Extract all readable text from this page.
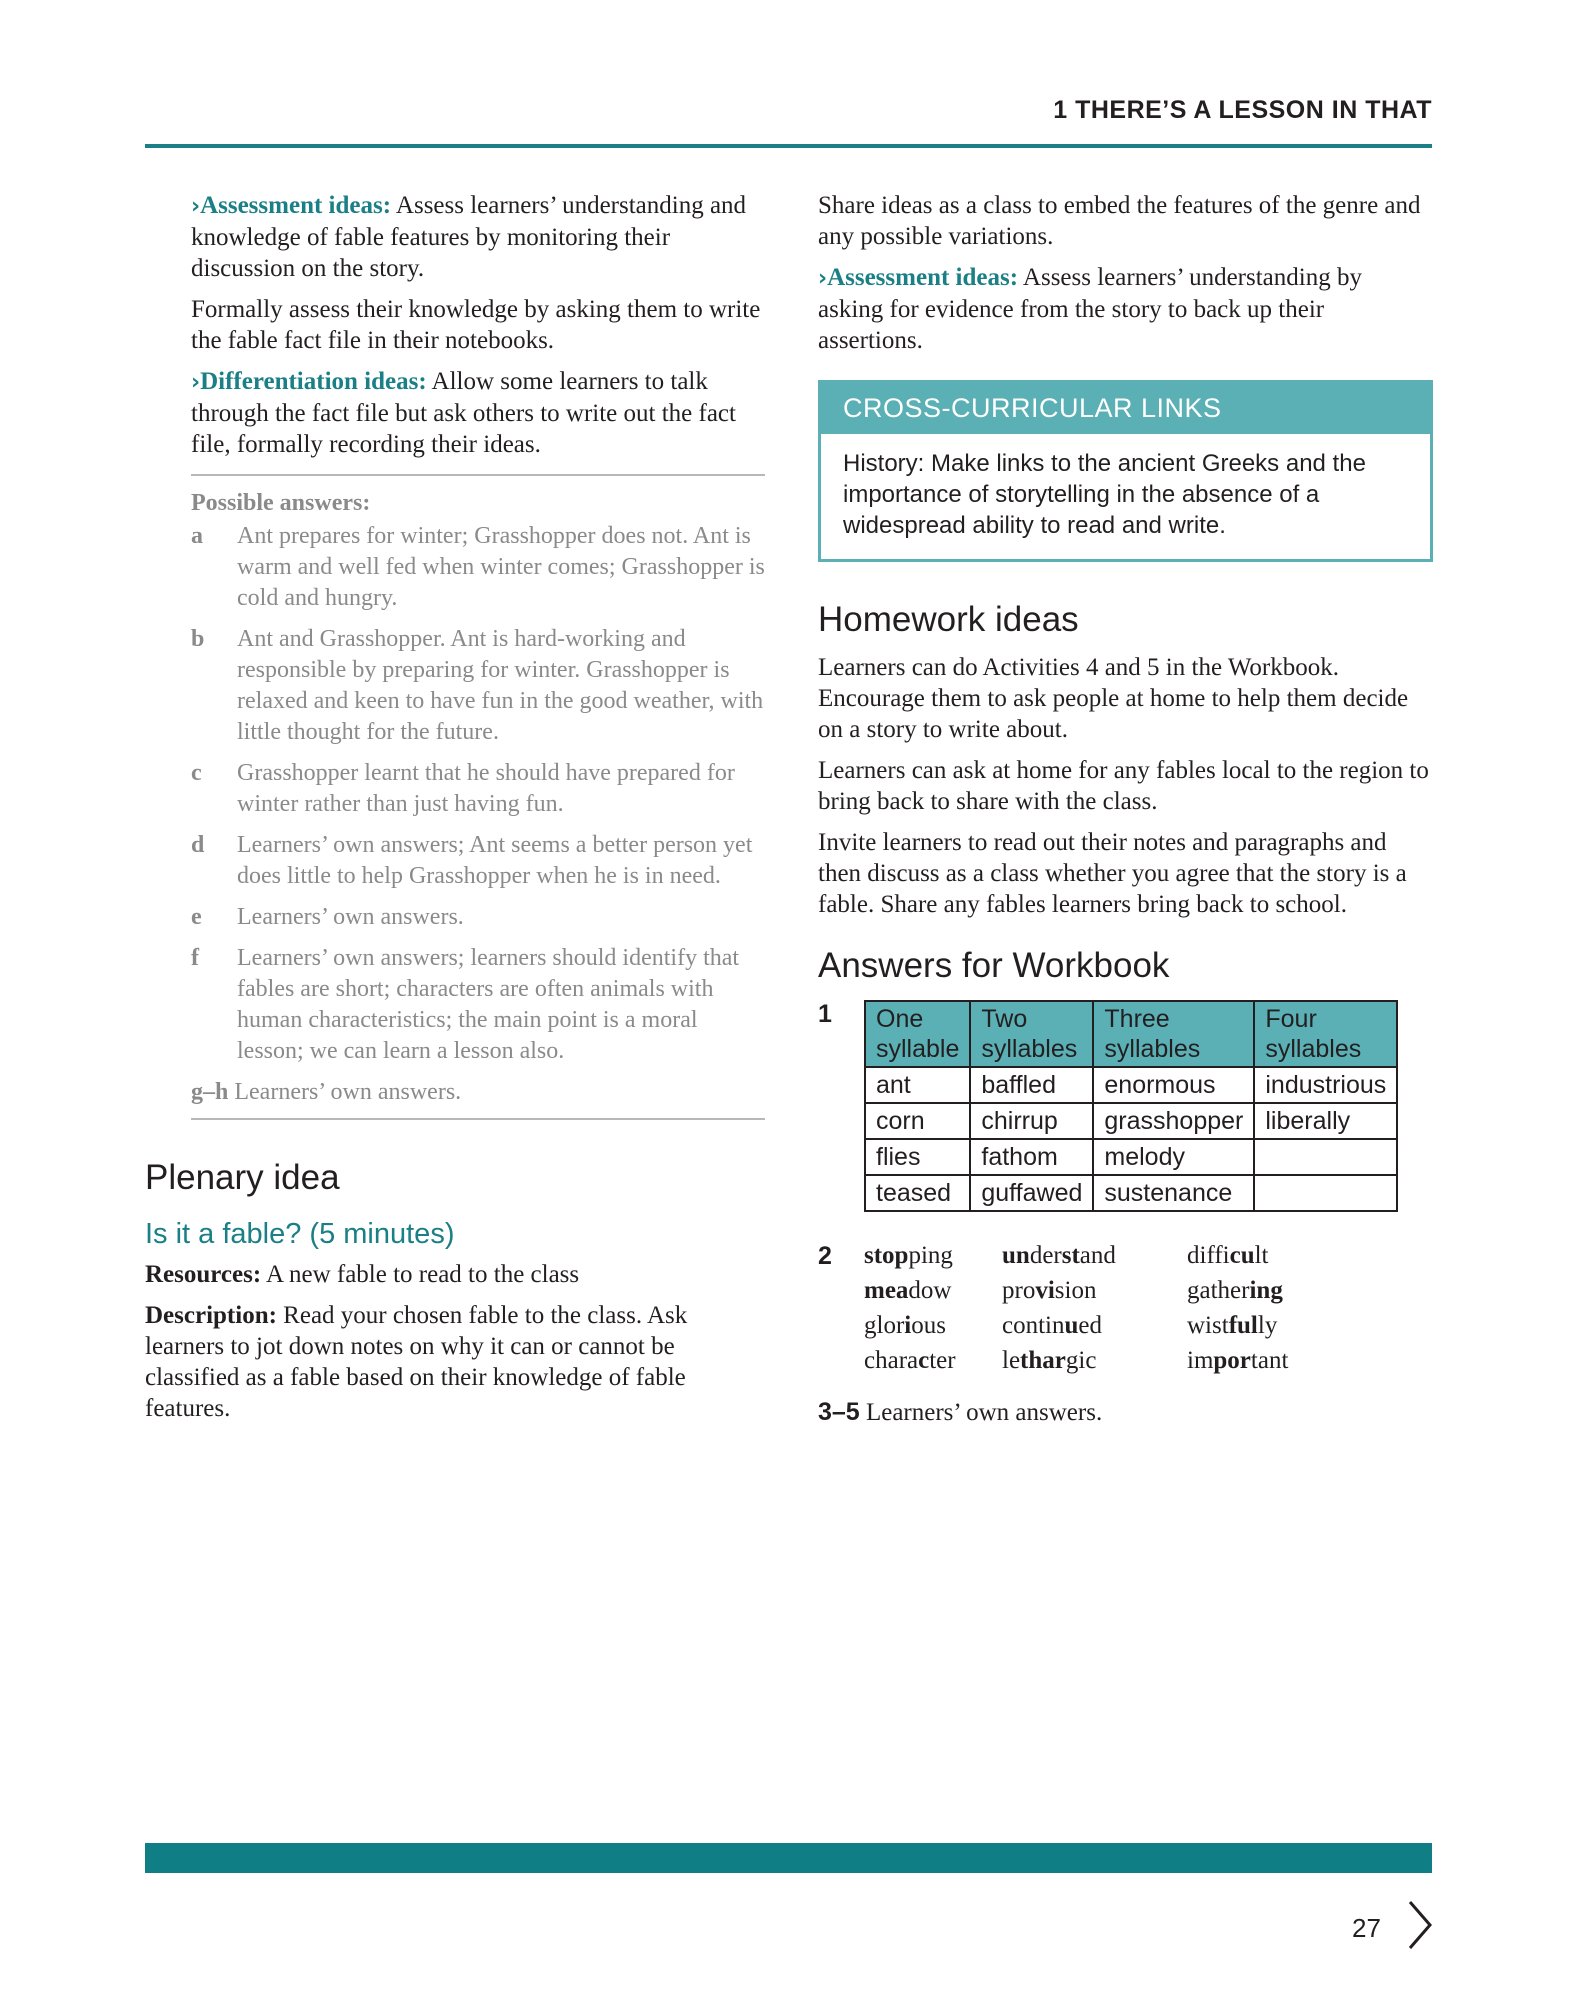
1 THERE’S A LESSON IN THAT

›Assessment ideas: Assess learners’ understanding and knowledge of fable features by monitoring their discussion on the story.

Formally assess their knowledge by asking them to write the fable fact file in their notebooks.

›Differentiation ideas: Allow some learners to talk through the fact file but ask others to write out the fact file, formally recording their ideas.

Possible answers:
a	Ant prepares for winter; Grasshopper does not. Ant is warm and well fed when winter comes; Grasshopper is cold and hungry.
b	Ant and Grasshopper. Ant is hard-working and responsible by preparing for winter. Grasshopper is relaxed and keen to have fun in the good weather, with little thought for the future.
c	Grasshopper learnt that he should have prepared for winter rather than just having fun.
d	Learners’ own answers; Ant seems a better person yet does little to help Grasshopper when he is in need.
e	Learners’ own answers.
f	Learners’ own answers; learners should identify that fables are short; characters are often animals with human characteristics; the main point is a moral lesson; we can learn a lesson also.
g–h Learners’ own answers.
Plenary idea
Is it a fable? (5 minutes)

Resources: A new fable to read to the class

Description: Read your chosen fable to the class. Ask learners to jot down notes on why it can or cannot be classified as a fable based on their knowledge of fable features.

Share ideas as a class to embed the features of the genre and any possible variations.

›Assessment ideas: Assess learners’ understanding by asking for evidence from the story to back up their assertions.

CROSS-CURRICULAR LINKS
History: Make links to the ancient Greeks and the importance of storytelling in the absence of a widespread ability to read and write.
Homework ideas

Learners can do Activities 4 and 5 in the Workbook. Encourage them to ask people at home to help them decide on a story to write about.

Learners can ask at home for any fables local to the region to bring back to share with the class.

Invite learners to read out their notes and paragraphs and then discuss as a class whether you agree that the story is a fable. Share any fables learners bring back to school.

Answers for Workbook
1	One syllable	Two syllables	Three syllables	Four syllables
ant	baffled	enormous	industrious
corn	chirrup	grasshopper	liberally
flies	fathom	melody	
teased	guffawed	sustenance	
2	stopping	understand	difficult
meadow	provision	gathering
glorious	continued	wistfully
character	lethargic	important

3–5 Learners’ own answers.

27
